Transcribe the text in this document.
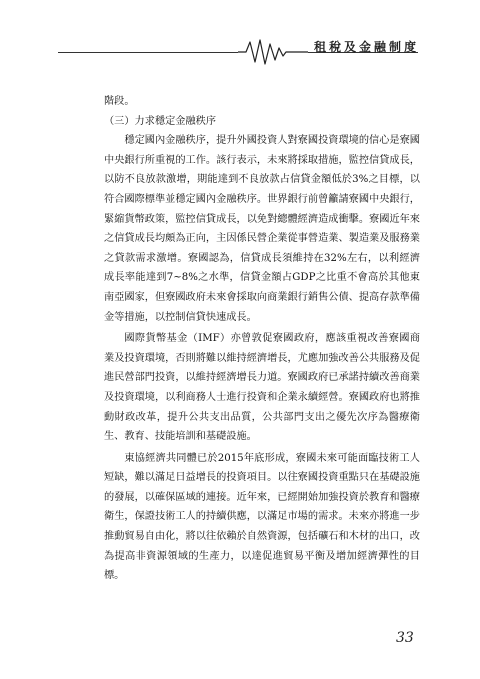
租稅及金融制度

階段。

（三）力求穩定金融秩序

穩定國內金融秩序，提升外國投資人對寮國投資環境的信心是寮國中央銀行所重視的工作。該行表示，未來將採取措施，監控信貸成長，以防不良放款激增，期能達到不良放款占信貸金額低於3%之目標，以符合國際標準並穩定國內金融秩序。世界銀行前曾籲請寮國中央銀行，緊縮貨幣政策，監控信貸成長，以免對總體經濟造成衝擊。寮國近年來之信貸成長均頗為正向，主因係民營企業從事營造業、製造業及服務業之貸款需求激增。寮國認為，信貸成長須維持在32%左右，以利經濟成長率能達到7~8%之水準，信貸金額占GDP之比重不會高於其他東南亞國家，但寮國政府未來會採取向商業銀行銷售公債、提高存款準備金等措施，以控制信貸快速成長。

國際貨幣基金（IMF）亦曾敦促寮國政府，應該重視改善寮國商業及投資環境，否則將難以維持經濟增長，尤應加強改善公共服務及促進民營部門投資，以維持經濟增長力道。寮國政府已承諾持續改善商業及投資環境，以利商務人士進行投資和企業永續經營。寮國政府也將推動財政改革，提升公共支出品質，公共部門支出之優先次序為醫療衛生、教育、技能培訓和基礎設施。

東協經濟共同體已於2015年底形成，寮國未來可能面臨技術工人短缺，難以滿足日益增長的投資項目。以往寮國投資重點只在基礎設施的發展，以確保區域的連接。近年來，已經開始加強投資於教育和醫療衛生，保證技術工人的持續供應，以滿足市場的需求。未來亦將進一步推動貿易自由化，將以往依賴於自然資源，包括礦石和木材的出口，改為提高非資源領域的生產力，以達促進貿易平衡及增加經濟彈性的目標。

33
